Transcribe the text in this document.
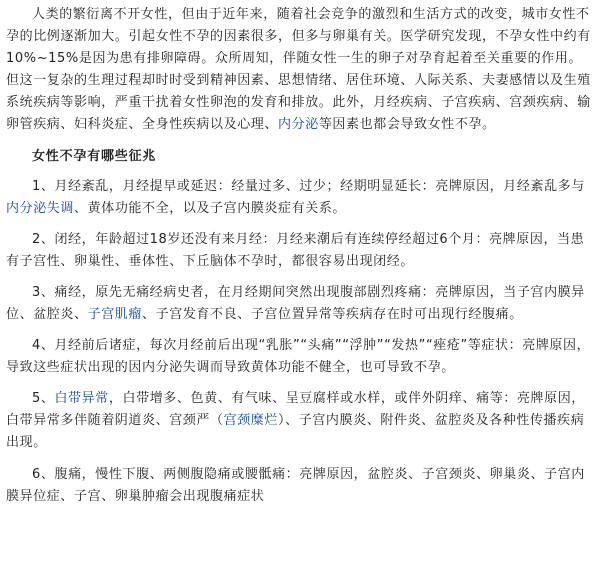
人类的繁衍离不开女性，但由于近年来，随着社会竞争的激烈和生活方式的改变，城市女性不孕的比例逐渐加大。引起女性不孕的因素很多，但多与卵巢有关。医学研究发现，不孕女性中约有10%~15%是因为患有排卵障碍。众所周知，伴随女性一生的卵子对孕育起着至关重要的作用。但这一复杂的生理过程却时时受到精神因素、思想情绪、居住环境、人际关系、夫妻感情以及生殖系统疾病等影响，严重干扰着女性卵泡的发育和排放。此外，月经疾病、子宫疾病、宫颈疾病、输卵管疾病、妇科炎症、全身性疾病以及心理、内分泌等因素也都会导致女性不孕。

女性不孕有哪些征兆

1、月经紊乱，月经提早或延迟：经量过多、过少；经期明显延长：亮牌原因，月经紊乱多与内分泌失调、黄体功能不全，以及子宫内膜炎症有关系。

2、闭经，年龄超过18岁还没有来月经：月经来潮后有连续停经超过6个月：亮牌原因，当患有子宫性、卵巢性、垂体性、下丘脑体不孕时，都很容易出现闭经。

3、痛经，原先无痛经病史者，在月经期间突然出现腹部剧烈疼痛：亮牌原因，当子宫内膜异位、盆腔炎、子宫肌瘤、子宫发育不良、子宫位置异常等疾病存在时可出现行经腹痛。

4、月经前后诸症，每次月经前后出现“乳胀”“头痛”“浮肿”“发热”“痤疮”等症状：亮牌原因，导致这些症状出现的因内分泌失调而导致黄体功能不健全，也可导致不孕。

5、白带异常，白带增多、色黄、有气味、呈豆腐样或水样，或伴外阴痒、痛等：亮牌原因，白带异常多伴随着阴道炎、宫颈严（宫颈糜烂）、子宫内膜炎、附件炎、盆腔炎及各种性传播疾病出现。

6、腹痛，慢性下腹、两侧腹隐痛或腰骶痛：亮牌原因，盆腔炎、子宫颈炎、卵巢炎、子宫内膜异位症、子宫、卵巢肿瘤会出现腹痛症状
